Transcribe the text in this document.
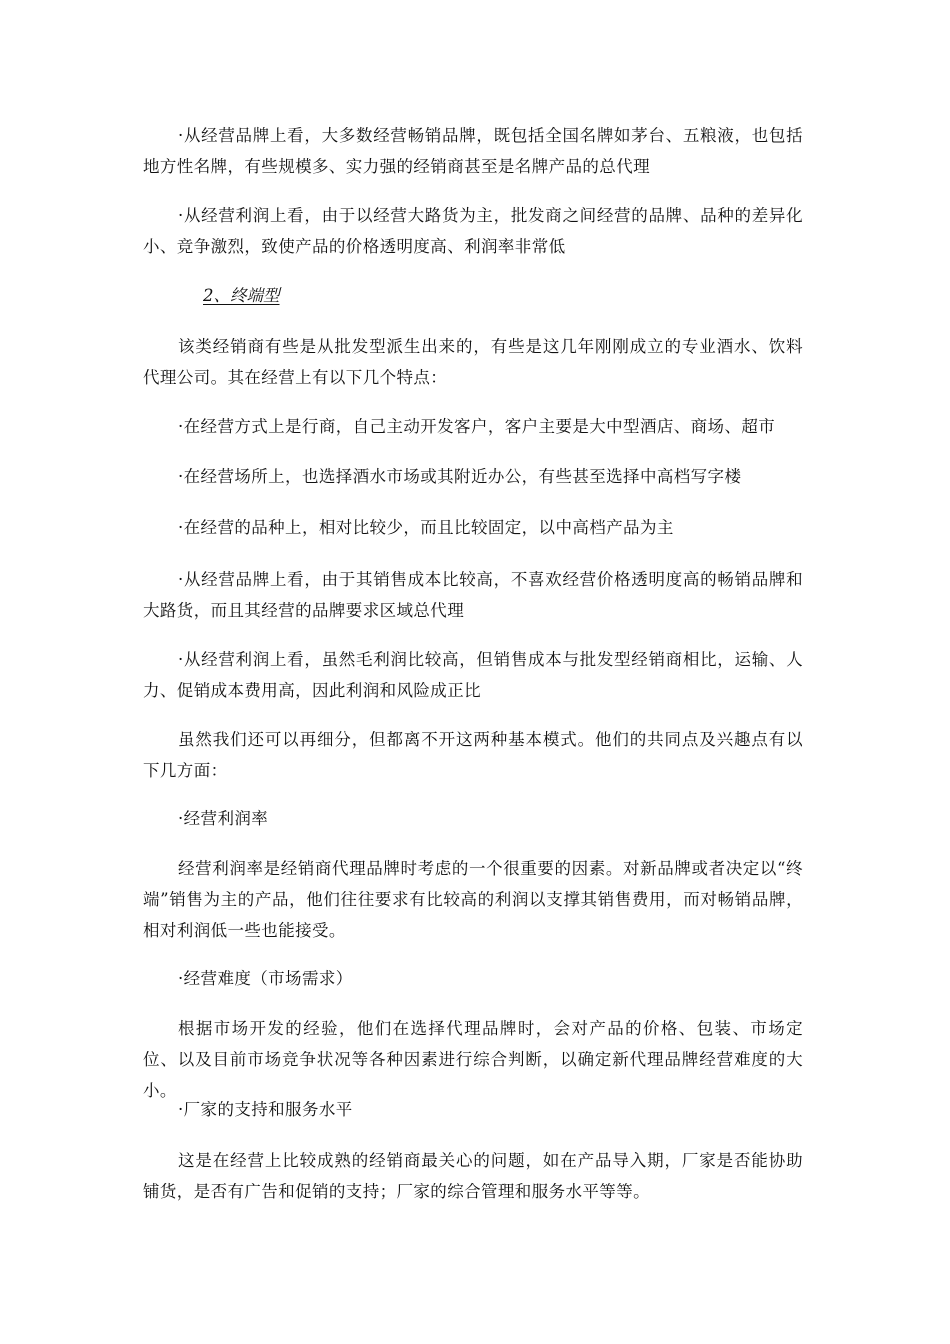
·从经营品牌上看，大多数经营畅销品牌，既包括全国名牌如茅台、五粮液，也包括地方性名牌，有些规模多、实力强的经销商甚至是名牌产品的总代理

·从经营利润上看，由于以经营大路货为主，批发商之间经营的品牌、品种的差异化小、竞争激烈，致使产品的价格透明度高、利润率非常低

2、终端型

该类经销商有些是从批发型派生出来的，有些是这几年刚刚成立的专业酒水、饮料代理公司。其在经营上有以下几个特点：

·在经营方式上是行商，自己主动开发客户，客户主要是大中型酒店、商场、超市

·在经营场所上，也选择酒水市场或其附近办公，有些甚至选择中高档写字楼

·在经营的品种上，相对比较少，而且比较固定，以中高档产品为主

·从经营品牌上看，由于其销售成本比较高，不喜欢经营价格透明度高的畅销品牌和大路货，而且其经营的品牌要求区域总代理

·从经营利润上看，虽然毛利润比较高，但销售成本与批发型经销商相比，运输、人力、促销成本费用高，因此利润和风险成正比

虽然我们还可以再细分，但都离不开这两种基本模式。他们的共同点及兴趣点有以下几方面：

·经营利润率

经营利润率是经销商代理品牌时考虑的一个很重要的因素。对新品牌或者决定以“终端”销售为主的产品，他们往往要求有比较高的利润以支撑其销售费用，而对畅销品牌，相对利润低一些也能接受。

·经营难度（市场需求）

根据市场开发的经验，他们在选择代理品牌时，会对产品的价格、包装、市场定位、以及目前市场竞争状况等各种因素进行综合判断，以确定新代理品牌经营难度的大小。

·厂家的支持和服务水平

这是在经营上比较成熟的经销商最关心的问题，如在产品导入期，厂家是否能协助铺货，是否有广告和促销的支持；厂家的综合管理和服务水平等等。
